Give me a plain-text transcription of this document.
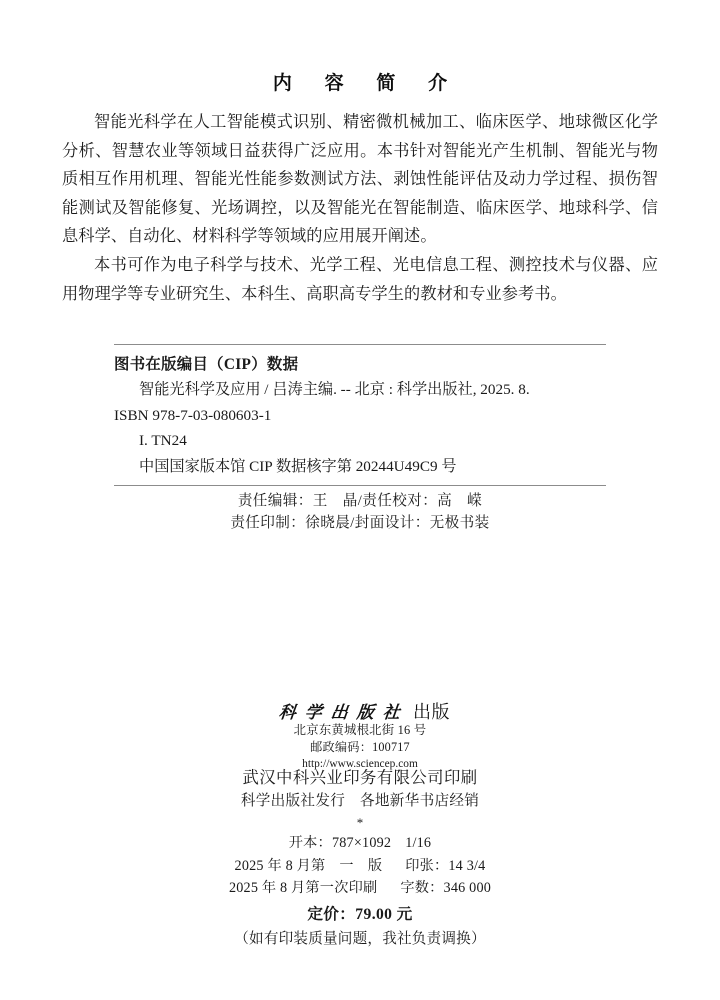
内 容 简 介

智能光科学在人工智能模式识别、精密微机械加工、临床医学、地球微区化学分析、智慧农业等领域日益获得广泛应用。本书针对智能光产生机制、智能光与物质相互作用机理、智能光性能参数测试方法、剥蚀性能评估及动力学过程、损伤智能测试及智能修复、光场调控，以及智能光在智能制造、临床医学、地球科学、信息科学、自动化、材料科学等领域的应用展开阐述。

本书可作为电子科学与技术、光学工程、光电信息工程、测控技术与仪器、应用物理学等专业研究生、本科生、高职高专学生的教材和专业参考书。

图书在版编目（CIP）数据
智能光科学及应用 / 吕涛主编. -- 北京 : 科学出版社, 2025. 8.
ISBN 978-7-03-080603-1
I. TN24
中国国家版本馆 CIP 数据核字第 20244U49C9 号
责任编辑：王　晶/责任校对：高　嵘
责任印制：徐晓晨/封面设计：无极书装
科学出版社 出版
北京东黄城根北街 16 号
邮政编码：100717
http://www.sciencep.com
武汉中科兴业印务有限公司印刷
科学出版社发行　各地新华书店经销
*
开本：787×1092 1/16
2025 年 8 月第 一 版 印张：14 3/4
2025 年 8 月第一次印刷 字数：346 000
定价：79.00 元
（如有印装质量问题，我社负责调换）
